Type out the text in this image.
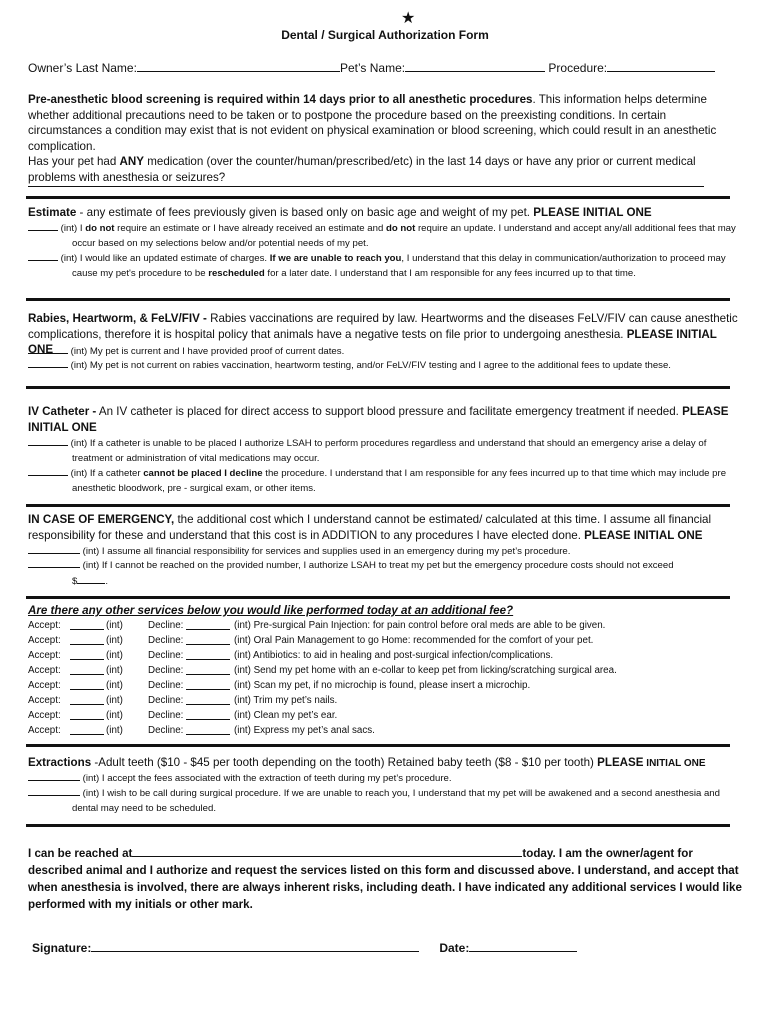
★
Dental / Surgical Authorization Form
Owner’s Last Name:	Pet’s Name:	Procedure:
Pre-anesthetic blood screening is required within 14 days prior to all anesthetic procedures. This information helps determine whether additional precautions need to be taken or to postpone the procedure based on the preexisting conditions. In certain circumstances a condition may exist that is not evident on physical examination or blood screening, which could result in an anesthetic complication.
Has your pet had ANY medication (over the counter/human/prescribed/etc) in the last 14 days or have any prior or current medical problems with anesthesia or seizures?
Estimate - any estimate of fees previously given is based only on basic age and weight of my pet. PLEASE INITIAL ONE
(int) I do not require an estimate or I have already received an estimate and do not require an update. I understand and accept any/all additional fees that may occur based on my selections below and/or potential needs of my pet.
(int) I would like an updated estimate of charges. If we are unable to reach you, I understand that this delay in communication/authorization to proceed may cause my pet's procedure to be rescheduled for a later date. I understand that I am responsible for any fees incurred up to that time.
Rabies, Heartworm, & FeLV/FIV - Rabies vaccinations are required by law. Heartworms and the diseases FeLV/FIV can cause anesthetic complications, therefore it is hospital policy that animals have a negative tests on file prior to undergoing anesthesia. PLEASE INITIAL ONE	(int) My pet is current and I have provided proof of current dates.
(int) My pet is not current on rabies vaccination, heartworm testing, and/or FeLV/FIV testing and I agree to the additional fees to update these.
IV Catheter - An IV catheter is placed for direct access to support blood pressure and facilitate emergency treatment if needed. PLEASE INITIAL ONE
(int) If a catheter is unable to be placed I authorize LSAH to perform procedures regardless and understand that should an emergency arise a delay of treatment or administration of vital medications may occur.
(int) If a catheter cannot be placed I decline the procedure. I understand that I am responsible for any fees incurred up to that time which may include pre anesthetic bloodwork, pre - surgical exam, or other items.
IN CASE OF EMERGENCY, the additional cost which I understand cannot be estimated/ calculated at this time. I assume all financial responsibility for these and understand that this cost is in ADDITION to any procedures I have elected done. PLEASE INITIAL ONE
(int) I assume all financial responsibility for services and supplies used in an emergency during my pet’s procedure.
(int) If I cannot be reached on the provided number, I authorize LSAH to treat my pet but the emergency procedure costs should not exceed
$	.
Are there any other services below you would like performed today at an additional fee?
Accept:	(int)	Decline:	(int) Pre-surgical Pain Injection: for pain control before oral meds are able to be given.
Accept:	(int)	Decline:	(int) Oral Pain Management to go Home: recommended for the comfort of your pet.
Accept:	(int)	Decline:	(int) Antibiotics: to aid in healing and post-surgical infection/complications.
Accept:	(int)	Decline:	(int) Send my pet home with an e-collar to keep pet from licking/scratching surgical area.
Accept:	(int)	Decline:	(int) Scan my pet, if no microchip is found, please insert a microchip.
Accept:	(int)	Decline:	(int) Trim my pet’s nails.
Accept:	(int)	Decline:	(int) Clean my pet’s ear.
Accept:	(int)	Decline:	(int) Express my pet’s anal sacs.
Extractions -Adult teeth ($10 - $45 per tooth depending on the tooth) Retained baby teeth ($8 - $10 per tooth) PLEASE INITIAL ONE
(int) I accept the fees associated with the extraction of teeth during my pet’s procedure.
(int) I wish to be call during surgical procedure. If we are unable to reach you, I understand that my pet will be awakened and a second anesthesia and dental may need to be scheduled.
I can be reached at	today. I am the owner/agent for described animal and I authorize and request the services listed on this form and discussed above. I understand, and accept that when anesthesia is involved, there are always inherent risks, including death. I have indicated any additional services I would like performed with my initials or other mark.
Signature:	Date:
